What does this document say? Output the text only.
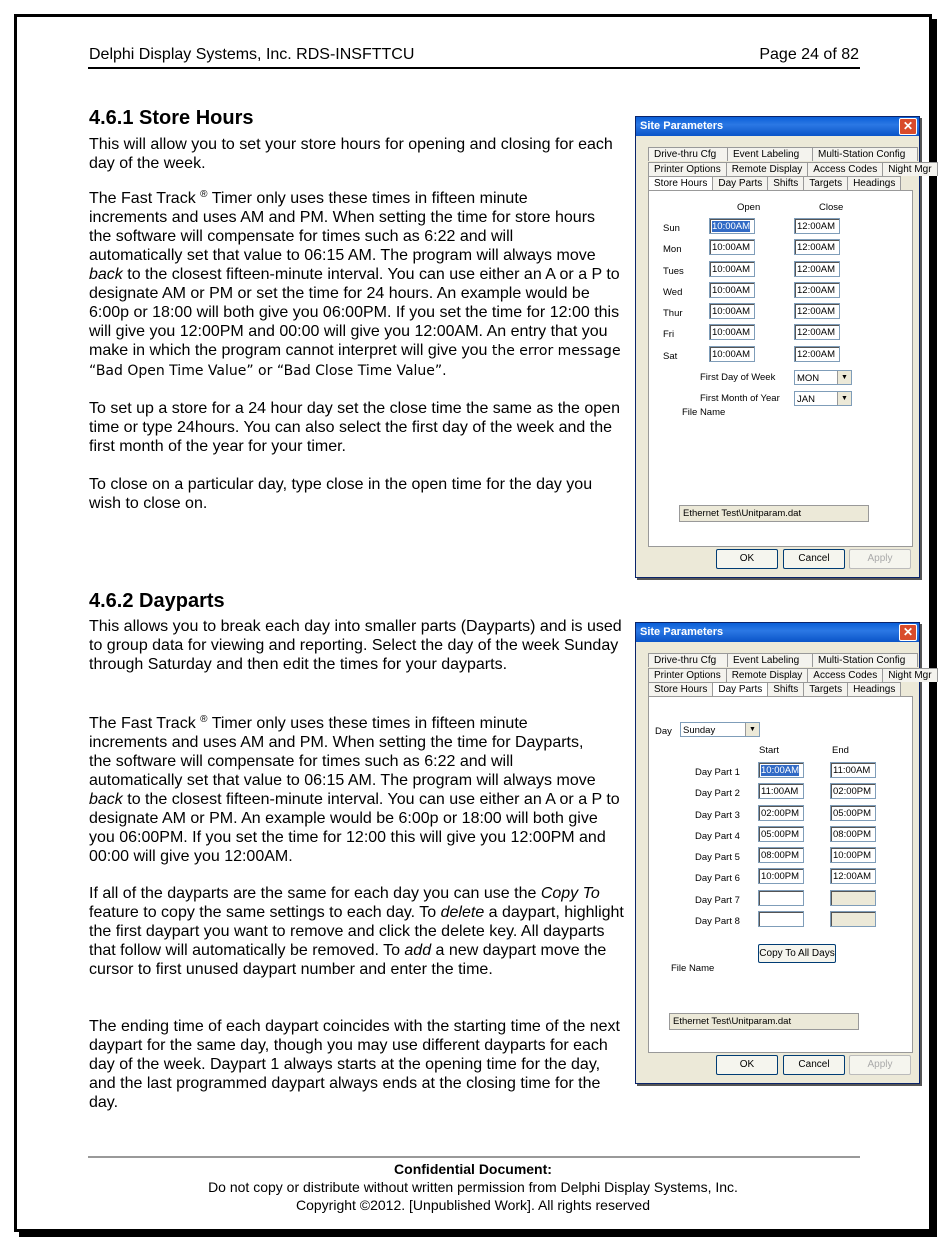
Delphi Display Systems, Inc. RDS-INSFTTCU	Page 24 of 82
4.6.1 Store Hours
This will allow you to set your store hours for opening and closing for each day of the week.
The Fast Track ® Timer only uses these times in fifteen minute
increments and uses AM and PM. When setting the time for store hours
the software will compensate for times such as 6:22 and will
automatically set that value to 06:15 AM. The program will always move
back to the closest fifteen-minute interval. You can use either an A or a P to designate AM or PM or set the time for 24 hours. An example would be 6:00p or 18:00 will both give you 06:00PM. If you set the time for 12:00 this will give you 12:00PM and 00:00 will give you 12:00AM. An entry that you make in which the program cannot interpret will give you the error message “Bad Open Time Value” or “Bad Close Time Value”.
To set up a store for a 24 hour day set the close time the same as the open time or type 24hours. You can also select the first day of the week and the first month of the year for your timer.
To close on a particular day, type close in the open time for the day you wish to close on.
Site Parameters	✕
Drive-thru Cfg	Event Labeling	Multi-Station Config
Printer Options	Remote Display	Access Codes	Night Mgr
Store Hours	Day Parts	Shifts	Targets	Headings
Open	Close
Sun	10:00AM	12:00AM
Mon	10:00AM	12:00AM
Tues	10:00AM	12:00AM
Wed	10:00AM	12:00AM
Thur	10:00AM	12:00AM
Fri	10:00AM	12:00AM
Sat	10:00AM	12:00AM
First Day of Week	MON	▼
First Month of Year	JAN	▼
File Name
Ethernet Test\Unitparam.dat
OK	Cancel	Apply
4.6.2 Dayparts
This allows you to break each day into smaller parts (Dayparts) and is used to group data for viewing and reporting. Select the day of the week Sunday through Saturday and then edit the times for your dayparts.
The Fast Track ® Timer only uses these times in fifteen minute
increments and uses AM and PM. When setting the time for Dayparts,
the software will compensate for times such as 6:22 and will
automatically set that value to 06:15 AM. The program will always move
back to the closest fifteen-minute interval. You can use either an A or a P to designate AM or PM. An example would be 6:00p or 18:00 will both give you 06:00PM. If you set the time for 12:00 this will give you 12:00PM and 00:00 will give you 12:00AM.
If all of the dayparts are the same for each day you can use the Copy To feature to copy the same settings to each day. To delete a daypart, highlight the first daypart you want to remove and click the delete key. All dayparts that follow will automatically be removed. To add a new daypart move the cursor to first unused daypart number and enter the time.
The ending time of each daypart coincides with the starting time of the next daypart for the same day, though you may use different dayparts for each day of the week. Daypart 1 always starts at the opening time for the day, and the last programmed daypart always ends at the closing time for the day.
Site Parameters	✕
Drive-thru Cfg	Event Labeling	Multi-Station Config
Printer Options	Remote Display	Access Codes	Night Mgr
Store Hours	Day Parts	Shifts	Targets	Headings
Day	Sunday	▼
Start	End
Day Part 1	10:00AM	11:00AM
Day Part 2	11:00AM	02:00PM
Day Part 3	02:00PM	05:00PM
Day Part 4	05:00PM	08:00PM
Day Part 5	08:00PM	10:00PM
Day Part 6	10:00PM	12:00AM
Day Part 7
Day Part 8
Copy To All Days
File Name
Ethernet Test\Unitparam.dat
OK	Cancel	Apply
Confidential Document:
Do not copy or distribute without written permission from Delphi Display Systems, Inc.
Copyright ©2012. [Unpublished Work]. All rights reserved
